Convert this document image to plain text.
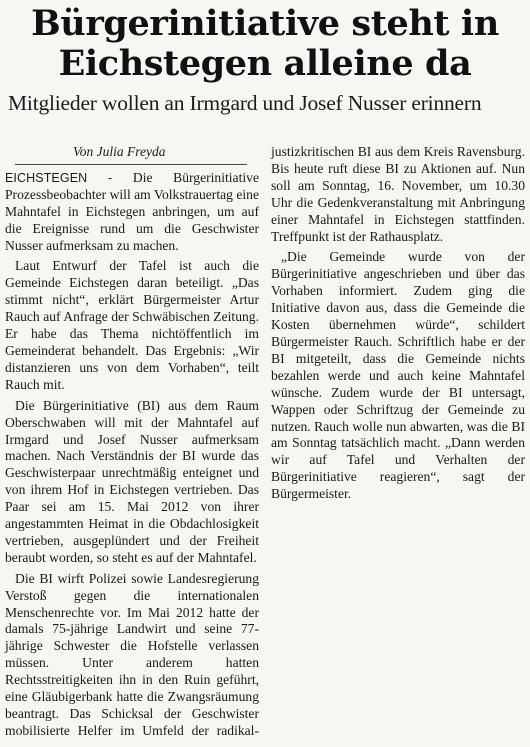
Bürgerinitiative steht in
Eichstegen alleine da

Mitglieder wollen an Irmgard und Josef Nusser erinnern

Von Julia Freyda

EICHSTEGEN - Die Bürgerinitiative Prozessbeobachter will am Volkstrauertag eine Mahntafel in Eichstegen anbringen, um auf die Ereignisse rund um die Geschwister Nusser aufmerksam zu machen.

Laut Entwurf der Tafel ist auch die Gemeinde Eichstegen daran beteiligt. „Das stimmt nicht“, erklärt Bürgermeister Artur Rauch auf Anfrage der Schwäbischen Zeitung. Er habe das Thema nichtöffentlich im Gemeinderat behandelt. Das Ergebnis: „Wir distanzieren uns von dem Vorhaben“, teilt Rauch mit.

Die Bürgerinitiative (BI) aus dem Raum Oberschwaben will mit der Mahntafel auf Irmgard und Josef Nusser aufmerksam machen. Nach Verständnis der BI wurde das Geschwisterpaar unrechtmäßig enteignet und von ihrem Hof in Eichstegen vertrieben. Das Paar sei am 15. Mai 2012 von ihrer angestammten Heimat in die Obdachlosigkeit vertrieben, ausgeplündert und der Freiheit beraubt worden, so steht es auf der Mahntafel.

Die BI wirft Polizei sowie Landesregierung Verstoß gegen die internationalen Menschenrechte vor. Im Mai 2012 hatte der damals 75-jährige Landwirt und seine 77-jährige Schwester die Hofstelle verlassen müssen. Unter anderem hatten Rechtsstreitigkeiten ihn in den Ruin geführt, eine Gläubigerbank hatte die Zwangsräumung beantragt. Das Schicksal der Geschwister mobilisierte Helfer im Umfeld der radikal-justizkritischen BI aus dem Kreis Ravensburg. Bis heute ruft diese BI zu Aktionen auf. Nun soll am Sonntag, 16. November, um 10.30 Uhr die Gedenkveranstaltung mit Anbringung einer Mahntafel in Eichstegen stattfinden. Treffpunkt ist der Rathausplatz.

„Die Gemeinde wurde von der Bürgerinitiative angeschrieben und über das Vorhaben informiert. Zudem ging die Initiative davon aus, dass die Gemeinde die Kosten übernehmen würde“, schildert Bürgermeister Rauch. Schriftlich habe er der BI mitgeteilt, dass die Gemeinde nichts bezahlen werde und auch keine Mahntafel wünsche. Zudem wurde der BI untersagt, Wappen oder Schriftzug der Gemeinde zu nutzen. Rauch wolle nun abwarten, was die BI am Sonntag tatsächlich macht. „Dann werden wir auf Tafel und Verhalten der Bürgerinitiative reagieren“, sagt der Bürgermeister.
